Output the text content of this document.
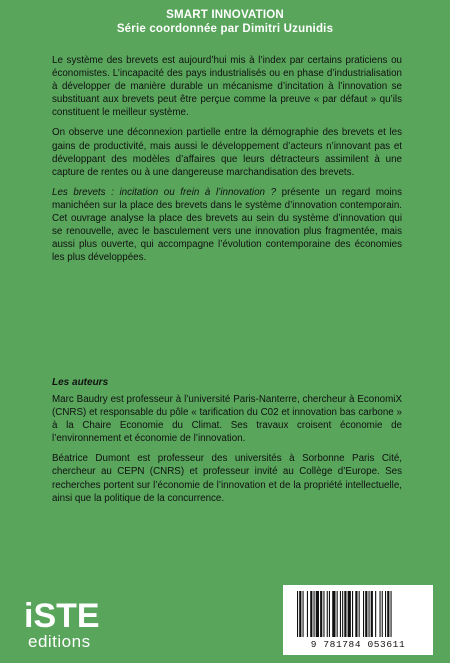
SMART INNOVATION
Série coordonnée par Dimitri Uzunidis

Le système des brevets est aujourd’hui mis à l’index par certains praticiens ou économistes. L’incapacité des pays industrialisés ou en phase d’industrialisation à développer de manière durable un mécanisme d’incitation à l’innovation se substituant aux brevets peut être perçue comme la preuve « par défaut » qu’ils constituent le meilleur système.

On observe une déconnexion partielle entre la démographie des brevets et les gains de productivité, mais aussi le développement d’acteurs n’innovant pas et développant des modèles d’affaires que leurs détracteurs assimilent à une capture de rentes ou à une dangereuse marchandisation des brevets.

Les brevets : incitation ou frein à l’innovation ? présente un regard moins manichéen sur la place des brevets dans le système d’innovation contemporain. Cet ouvrage analyse la place des brevets au sein du système d’innovation qui se renouvelle, avec le basculement vers une innovation plus fragmentée, mais aussi plus ouverte, qui accompagne l’évolution contemporaine des économies les plus développées.

Les auteurs

Marc Baudry est professeur à l’université Paris-Nanterre, chercheur à EconomiX (CNRS) et responsable du pôle « tarification du C02 et innovation bas carbone » à la Chaire Economie du Climat. Ses travaux croisent économie de l’environnement et économie de l’innovation.

Béatrice Dumont est professeur des universités à Sorbonne Paris Cité, chercheur au CEPN (CNRS) et professeur invité au Collège d’Europe. Ses recherches portent sur l’économie de l’innovation et de la propriété intellectuelle, ainsi que la politique de la concurrence.

iSTE
editions	9 781784 053611
